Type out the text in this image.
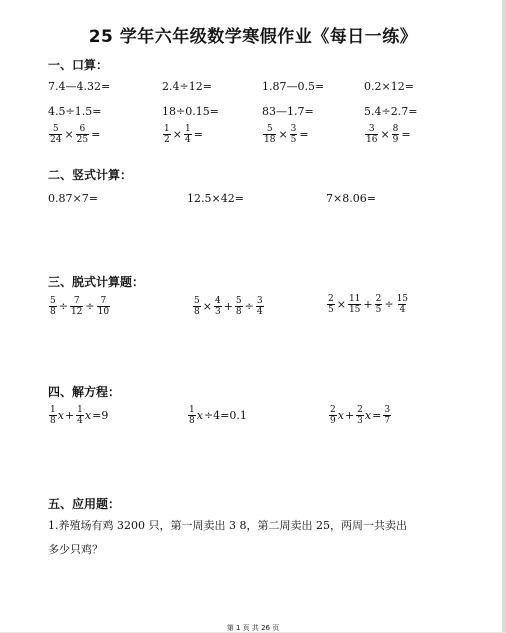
25 学年六年级数学寒假作业《每日一练》
一、口算：
7.4—4.32=	2.4÷12=	1.87—0.5=	0.2×12=
4.5÷1.5=	18÷0.15=	83—1.7=	5.4÷2.7=
$\frac{5}{24} \times \frac{6}{25}$ =	$\frac{1}{2} \times \frac{1}{4}$ =	$\frac{5}{18} \times \frac{3}{5}$ =	$\frac{3}{16} \times \frac{8}{9}$ =
二、竖式计算：
0.87×7=	12.5×42=	7×8.06=
三、脱式计算题：
$\frac{5}{8} \div \frac{7}{12} \div \frac{7}{10}$	$\frac{5}{8} \times \frac{4}{3} + \frac{5}{8} \div \frac{3}{4}$	$\frac{2}{5} \times \frac{11}{15} + \frac{2}{5} \div \frac{15}{4}$
四、解方程：
$\frac{1}{8}$ $x + \frac{1}{4}$ x =9	$\frac{1}{8}$ x ÷4=0.1	$\frac{2}{9}$ $x + \frac{2}{3}$ $x = \frac{3}{7}$
五、应用题：
1.养殖场有鸡 3200 只，第一周卖出 3 8，第二周卖出 25，两周一共卖出
多少只鸡？
第 1 页 共 26 页
